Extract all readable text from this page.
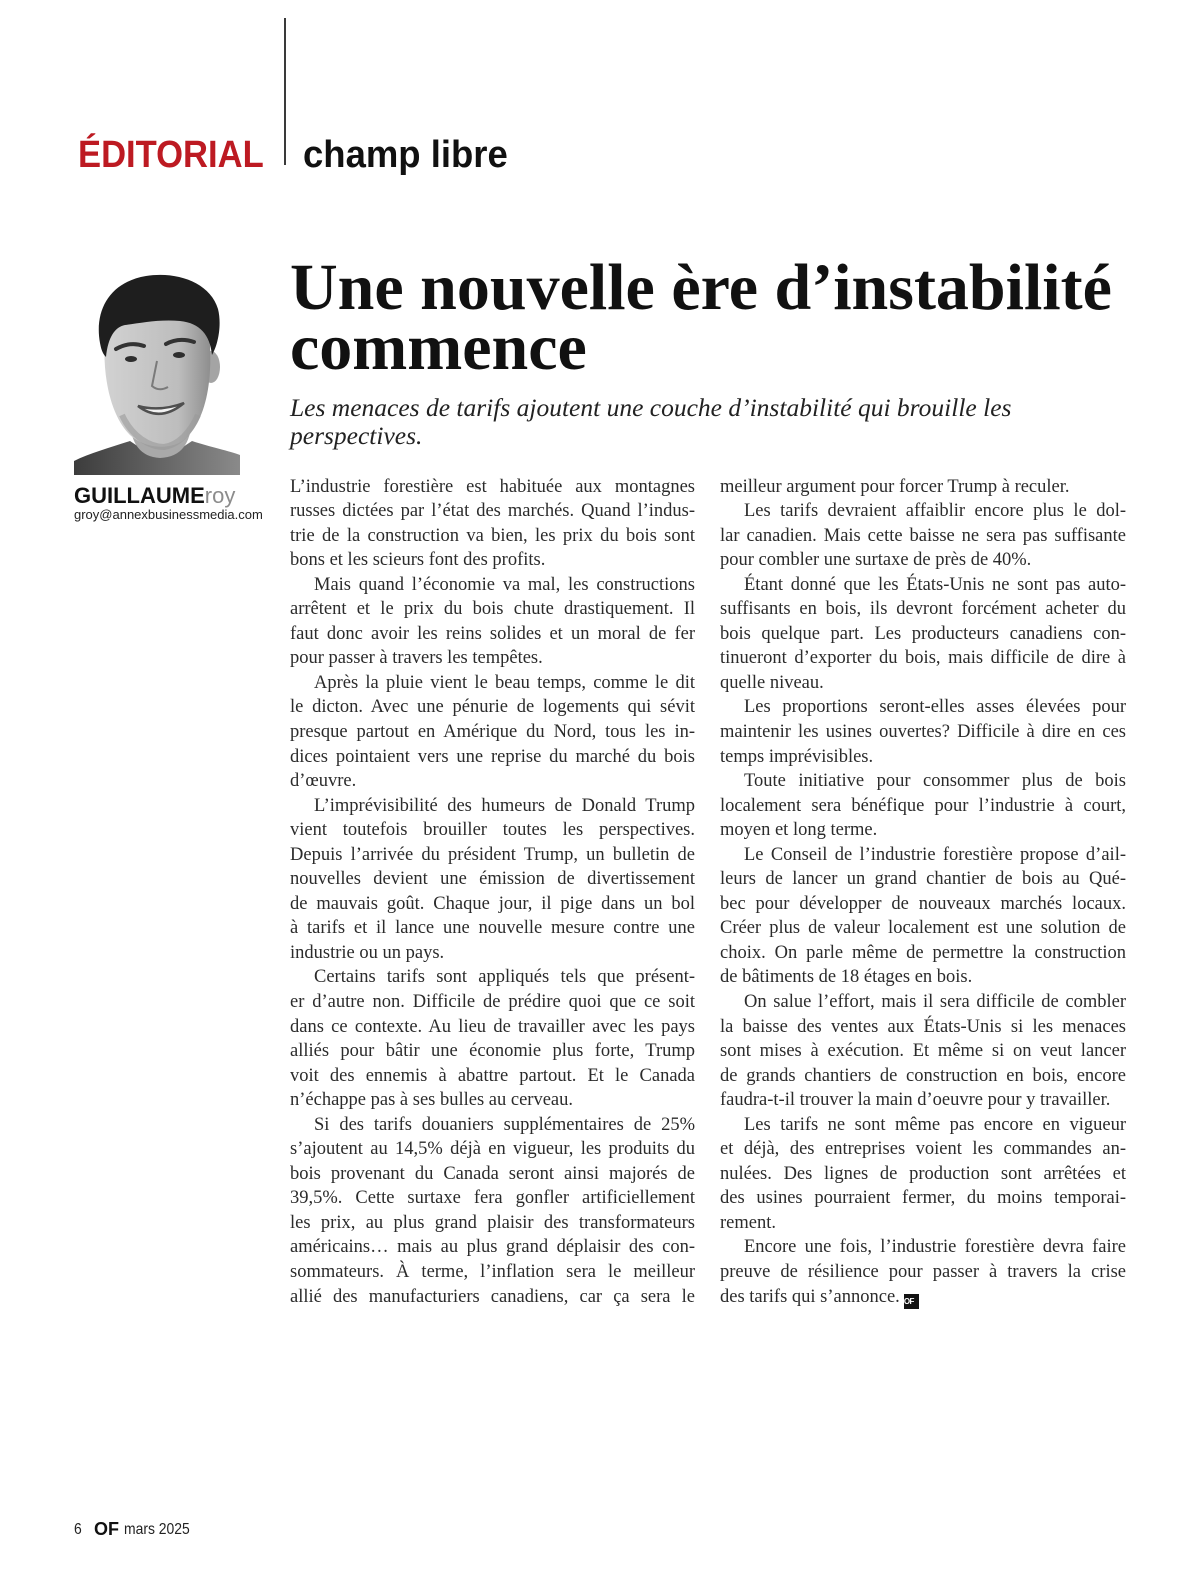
ÉDITORIAL champ libre
GUILLAUMEroy
groy@annexbusinessmedia.com
Une nouvelle ère d’instabilité
commence
Les menaces de tarifs ajoutent une couche d’instabilité qui brouille les perspectives.
L’industrie forestière est habituée aux montagnes
russes dictées par l’état des marchés. Quand l’indus-
trie de la construction va bien, les prix du bois sont
bons et les scieurs font des profits.
Mais quand l’économie va mal, les constructions
arrêtent et le prix du bois chute drastiquement. Il
faut donc avoir les reins solides et un moral de fer
pour passer à travers les tempêtes.
Après la pluie vient le beau temps, comme le dit
le dicton. Avec une pénurie de logements qui sévit
presque partout en Amérique du Nord, tous les in-
dices pointaient vers une reprise du marché du bois
d’œuvre.
L’imprévisibilité des humeurs de Donald Trump
vient toutefois brouiller toutes les perspectives.
Depuis l’arrivée du président Trump, un bulletin de
nouvelles devient une émission de divertissement
de mauvais goût. Chaque jour, il pige dans un bol
à tarifs et il lance une nouvelle mesure contre une
industrie ou un pays.
Certains tarifs sont appliqués tels que présent-
er d’autre non. Difficile de prédire quoi que ce soit
dans ce contexte. Au lieu de travailler avec les pays
alliés pour bâtir une économie plus forte, Trump
voit des ennemis à abattre partout. Et le Canada
n’échappe pas à ses bulles au cerveau.
Si des tarifs douaniers supplémentaires de 25%
s’ajoutent au 14,5% déjà en vigueur, les produits du
bois provenant du Canada seront ainsi majorés de
39,5%. Cette surtaxe fera gonfler artificiellement
les prix, au plus grand plaisir des transformateurs
américains… mais au plus grand déplaisir des con-
sommateurs. À terme, l’inflation sera le meilleur
allié des manufacturiers canadiens, car ça sera le
meilleur argument pour forcer Trump à reculer.
Les tarifs devraient affaiblir encore plus le dol-
lar canadien. Mais cette baisse ne sera pas suffisante
pour combler une surtaxe de près de 40%.
Étant donné que les États-Unis ne sont pas auto-
suffisants en bois, ils devront forcément acheter du
bois quelque part. Les producteurs canadiens con-
tinueront d’exporter du bois, mais difficile de dire à
quelle niveau.
Les proportions seront-elles asses élevées pour
maintenir les usines ouvertes? Difficile à dire en ces
temps imprévisibles.
Toute initiative pour consommer plus de bois
localement sera bénéfique pour l’industrie à court,
moyen et long terme.
Le Conseil de l’industrie forestière propose d’ail-
leurs de lancer un grand chantier de bois au Qué-
bec pour développer de nouveaux marchés locaux.
Créer plus de valeur localement est une solution de
choix. On parle même de permettre la construction
de bâtiments de 18 étages en bois.
On salue l’effort, mais il sera difficile de combler
la baisse des ventes aux États-Unis si les menaces
sont mises à exécution. Et même si on veut lancer
de grands chantiers de construction en bois, encore
faudra-t-il trouver la main d’oeuvre pour y travailler.
Les tarifs ne sont même pas encore en vigueur
et déjà, des entreprises voient les commandes an-
nulées. Des lignes de production sont arrêtées et
des usines pourraient fermer, du moins temporai-
rement.
Encore une fois, l’industrie forestière devra faire
preuve de résilience pour passer à travers la crise
des tarifs qui s’annonce. OF
6 OF mars 2025
